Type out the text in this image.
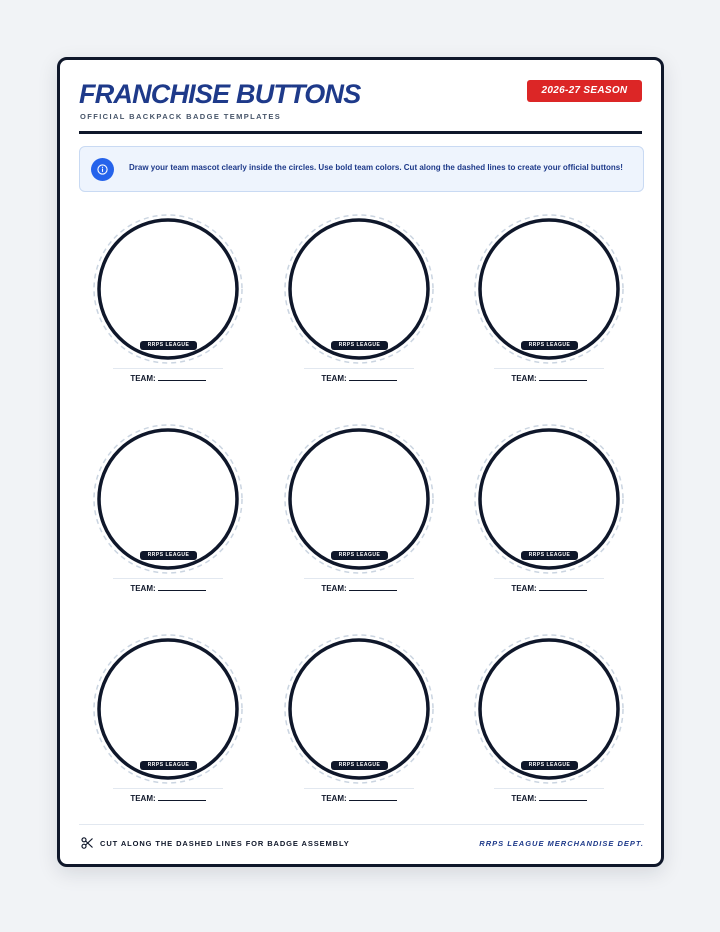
FRANCHISE BUTTONS
OFFICIAL BACKPACK BADGE TEMPLATES
2026-27 SEASON
Draw your team mascot clearly inside the circles. Use bold team colors. Cut along the dashed lines to create your official buttons!
RRPS LEAGUE
TEAM:
RRPS LEAGUE
TEAM:
RRPS LEAGUE
TEAM:
RRPS LEAGUE
TEAM:
RRPS LEAGUE
TEAM:
RRPS LEAGUE
TEAM:
RRPS LEAGUE
TEAM:
RRPS LEAGUE
TEAM:
RRPS LEAGUE
TEAM:
CUT ALONG THE DASHED LINES FOR BADGE ASSEMBLY	RRPS LEAGUE MERCHANDISE DEPT.
